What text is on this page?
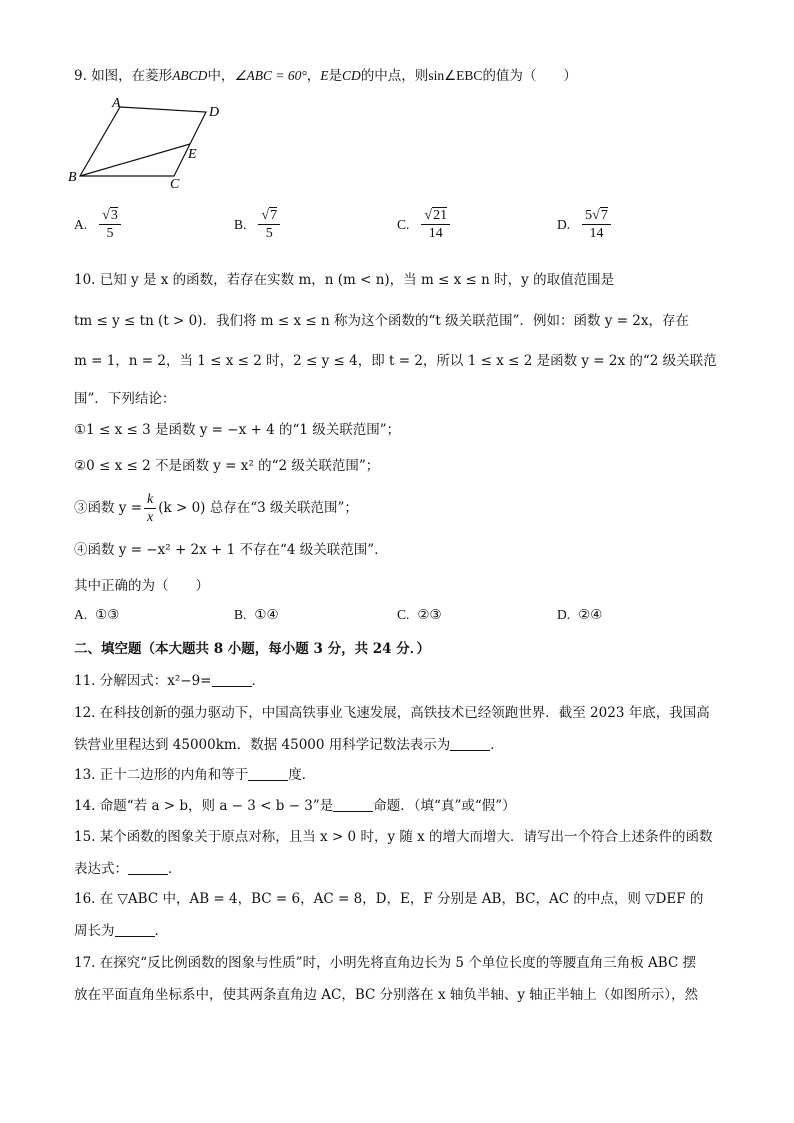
9. 如图，在菱形ABCD中，∠ABC = 60°，E是CD的中点，则sin∠EBC的值为（　　）
A
D
E
B	C
A. $\frac{√3}{5}$	B. $\frac{√7}{5}$	C. $\frac{√21}{14}$	D. $\frac{5√7}{14}$
10. 已知 y 是 x 的函数，若存在实数 m，n (m < n)，当 m ≤ x ≤ n 时，y 的取值范围是
tm ≤ y ≤ tn (t > 0)．我们将 m ≤ x ≤ n 称为这个函数的“t 级关联范围”．例如：函数 y = 2x，存在
m = 1，n = 2，当 1 ≤ x ≤ 2 时，2 ≤ y ≤ 4，即 t = 2，所以 1 ≤ x ≤ 2 是函数 y = 2x 的“2 级关联范
围”．下列结论：
①1 ≤ x ≤ 3 是函数 y = −x + 4 的“1 级关联范围”；
②0 ≤ x ≤ 2 不是函数 y = x² 的“2 级关联范围”；
③函数 $y = \frac{k}{x} (k > 0)$ 总存在“3 级关联范围”；
④函数 y = −x² + 2x + 1 不存在“4 级关联范围”．
其中正确的为（　　）
A. ①③	B. ①④	C. ②③	D. ②④
二、填空题（本大题共 8 小题，每小题 3 分，共 24 分．）
11. 分解因式：x²−9=	．
12. 在科技创新的强力驱动下，中国高铁事业飞速发展，高铁技术已经领跑世界．截至 2023 年底，我国高
铁营业里程达到 45000km．数据 45000 用科学记数法表示为	．
13. 正十二边形的内角和等于	度．
14. 命题“若 a > b，则 a − 3 < b − 3”是	命题．（填“真”或“假”）
15. 某个函数的图象关于原点对称，且当 x > 0 时，y 随 x 的增大而增大．请写出一个符合上述条件的函数
表达式：	．
16. 在 ▽ABC 中，AB = 4，BC = 6，AC = 8，D，E，F 分别是 AB，BC，AC 的中点，则 ▽DEF 的
周长为	．
17. 在探究“反比例函数的图象与性质”时，小明先将直角边长为 5 个单位长度的等腰直角三角板 ABC 摆
放在平面直角坐标系中，使其两条直角边 AC，BC 分别落在 x 轴负半轴、y 轴正半轴上（如图所示），然
